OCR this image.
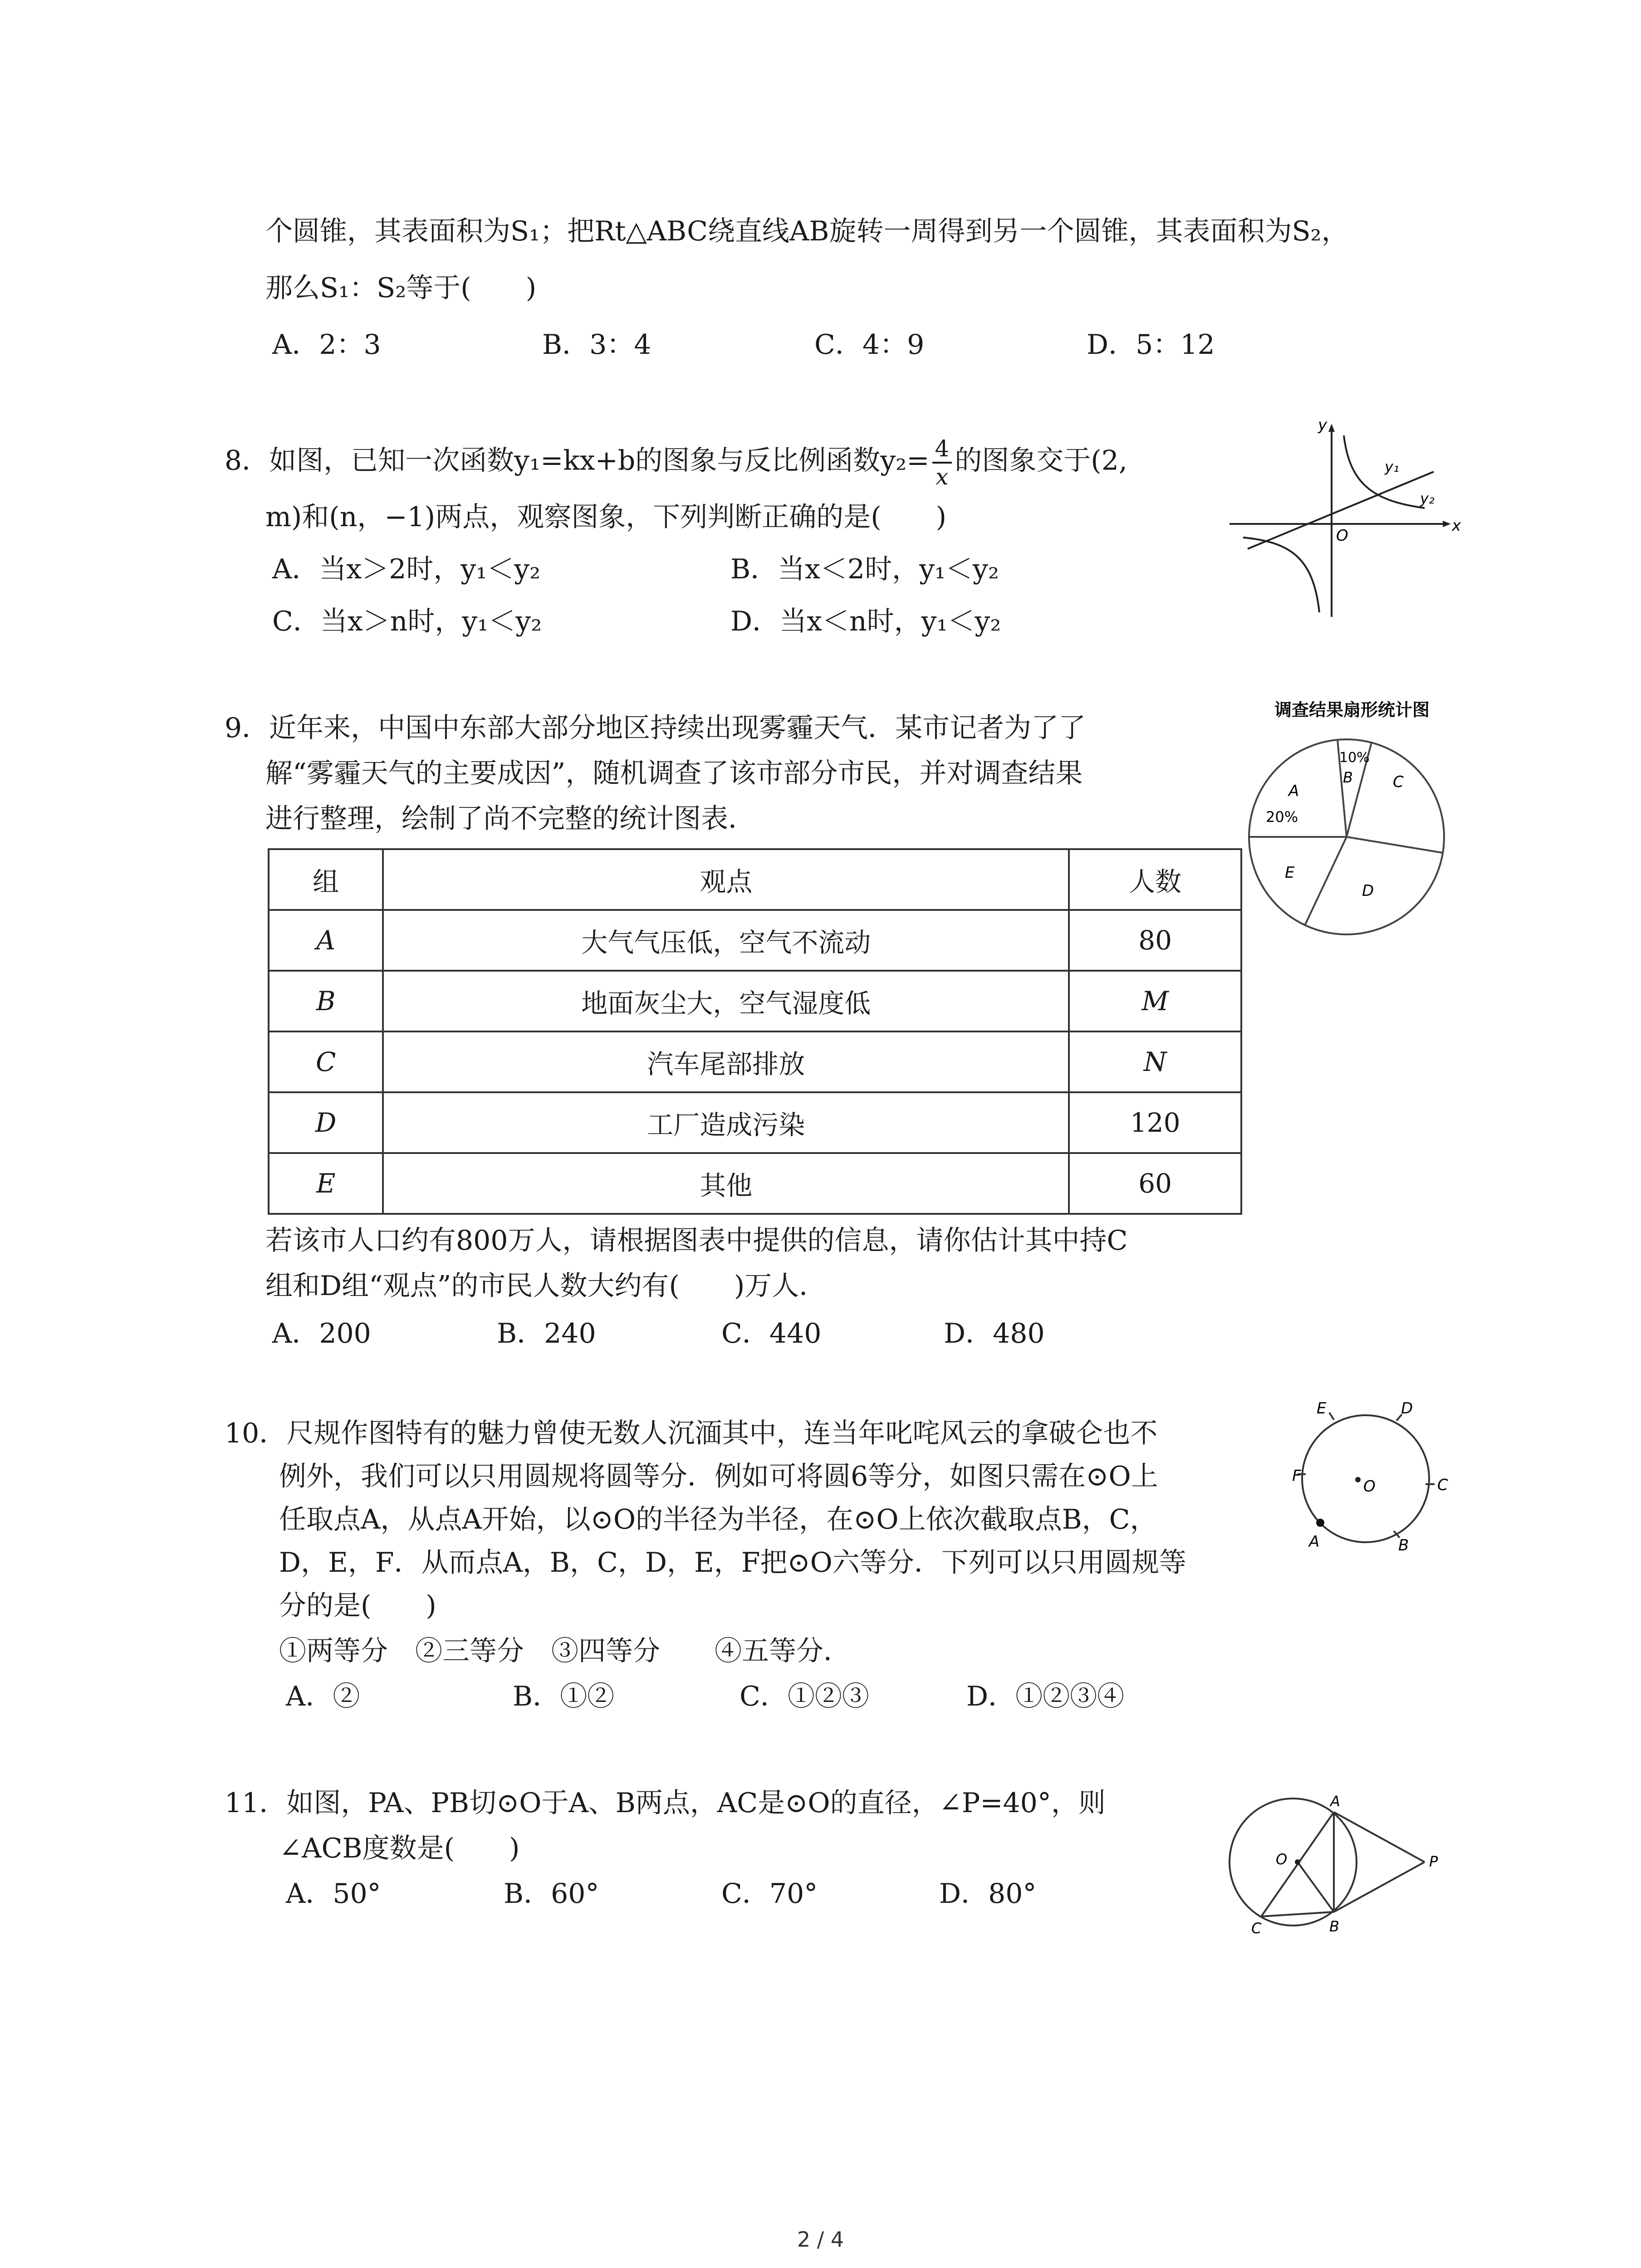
个圆锥，其表面积为S₁；把Rt△ABC绕直线AB旋转一周得到另一个圆锥，其表面积为S₂，
那么S₁：S₂等于(　　)
A．2：3	B．3：4	C．4：9	D．5：12
8．如图，已知一次函数y₁=kx+b的图象与反比例函数$y_2= \frac{4}{x}$ 的图象交于(2,
m)和(n，−1)两点，观察图象，下列判断正确的是(　　)
A．当x＞2时，y₁＜y₂	B．当x＜2时，y₁＜y₂
C．当x＞n时，y₁＜y₂	D．当x＜n时，y₁＜y₂
y
x
O
y₁
y₂
9．近年来，中国中东部大部分地区持续出现雾霾天气．某市记者为了了
解“雾霾天气的主要成因”，随机调查了该市部分市民，并对调查结果
进行整理，绘制了尚不完整的统计图表．
组	观点	人数
A	大气气压低，空气不流动	80
B	地面灰尘大，空气湿度低	M
C	汽车尾部排放	N
D	工厂造成污染	120
E	其他	60
若该市人口约有800万人，请根据图表中提供的信息，请你估计其中持C
组和D组“观点”的市民人数大约有(　　)万人．
A．200	B．240	C．440	D．480
调查结果扇形统计图
10%
B	C
A
20%
E
D
10．尺规作图特有的魅力曾使无数人沉湎其中，连当年叱咤风云的拿破仑也不
例外，我们可以只用圆规将圆等分．例如可将圆6等分，如图只需在⊙O上
任取点A，从点A开始，以⊙O的半径为半径，在⊙O上依次截取点B，C，
D，E，F．从而点A，B，C，D，E，F把⊙O六等分．下列可以只用圆规等
分的是(　　)
①两等分　②三等分　③四等分　　④五等分．
A．②	B．①②	C．①②③	D．①②③④
O
A	B
C
D
E
F
11．如图，PA、PB切⊙O于A、B两点，AC是⊙O的直径，∠P=40°，则
∠ACB度数是(　　)
A．50°	B．60°	C．70°	D．80°
A
B
C
O	P
2 / 4
